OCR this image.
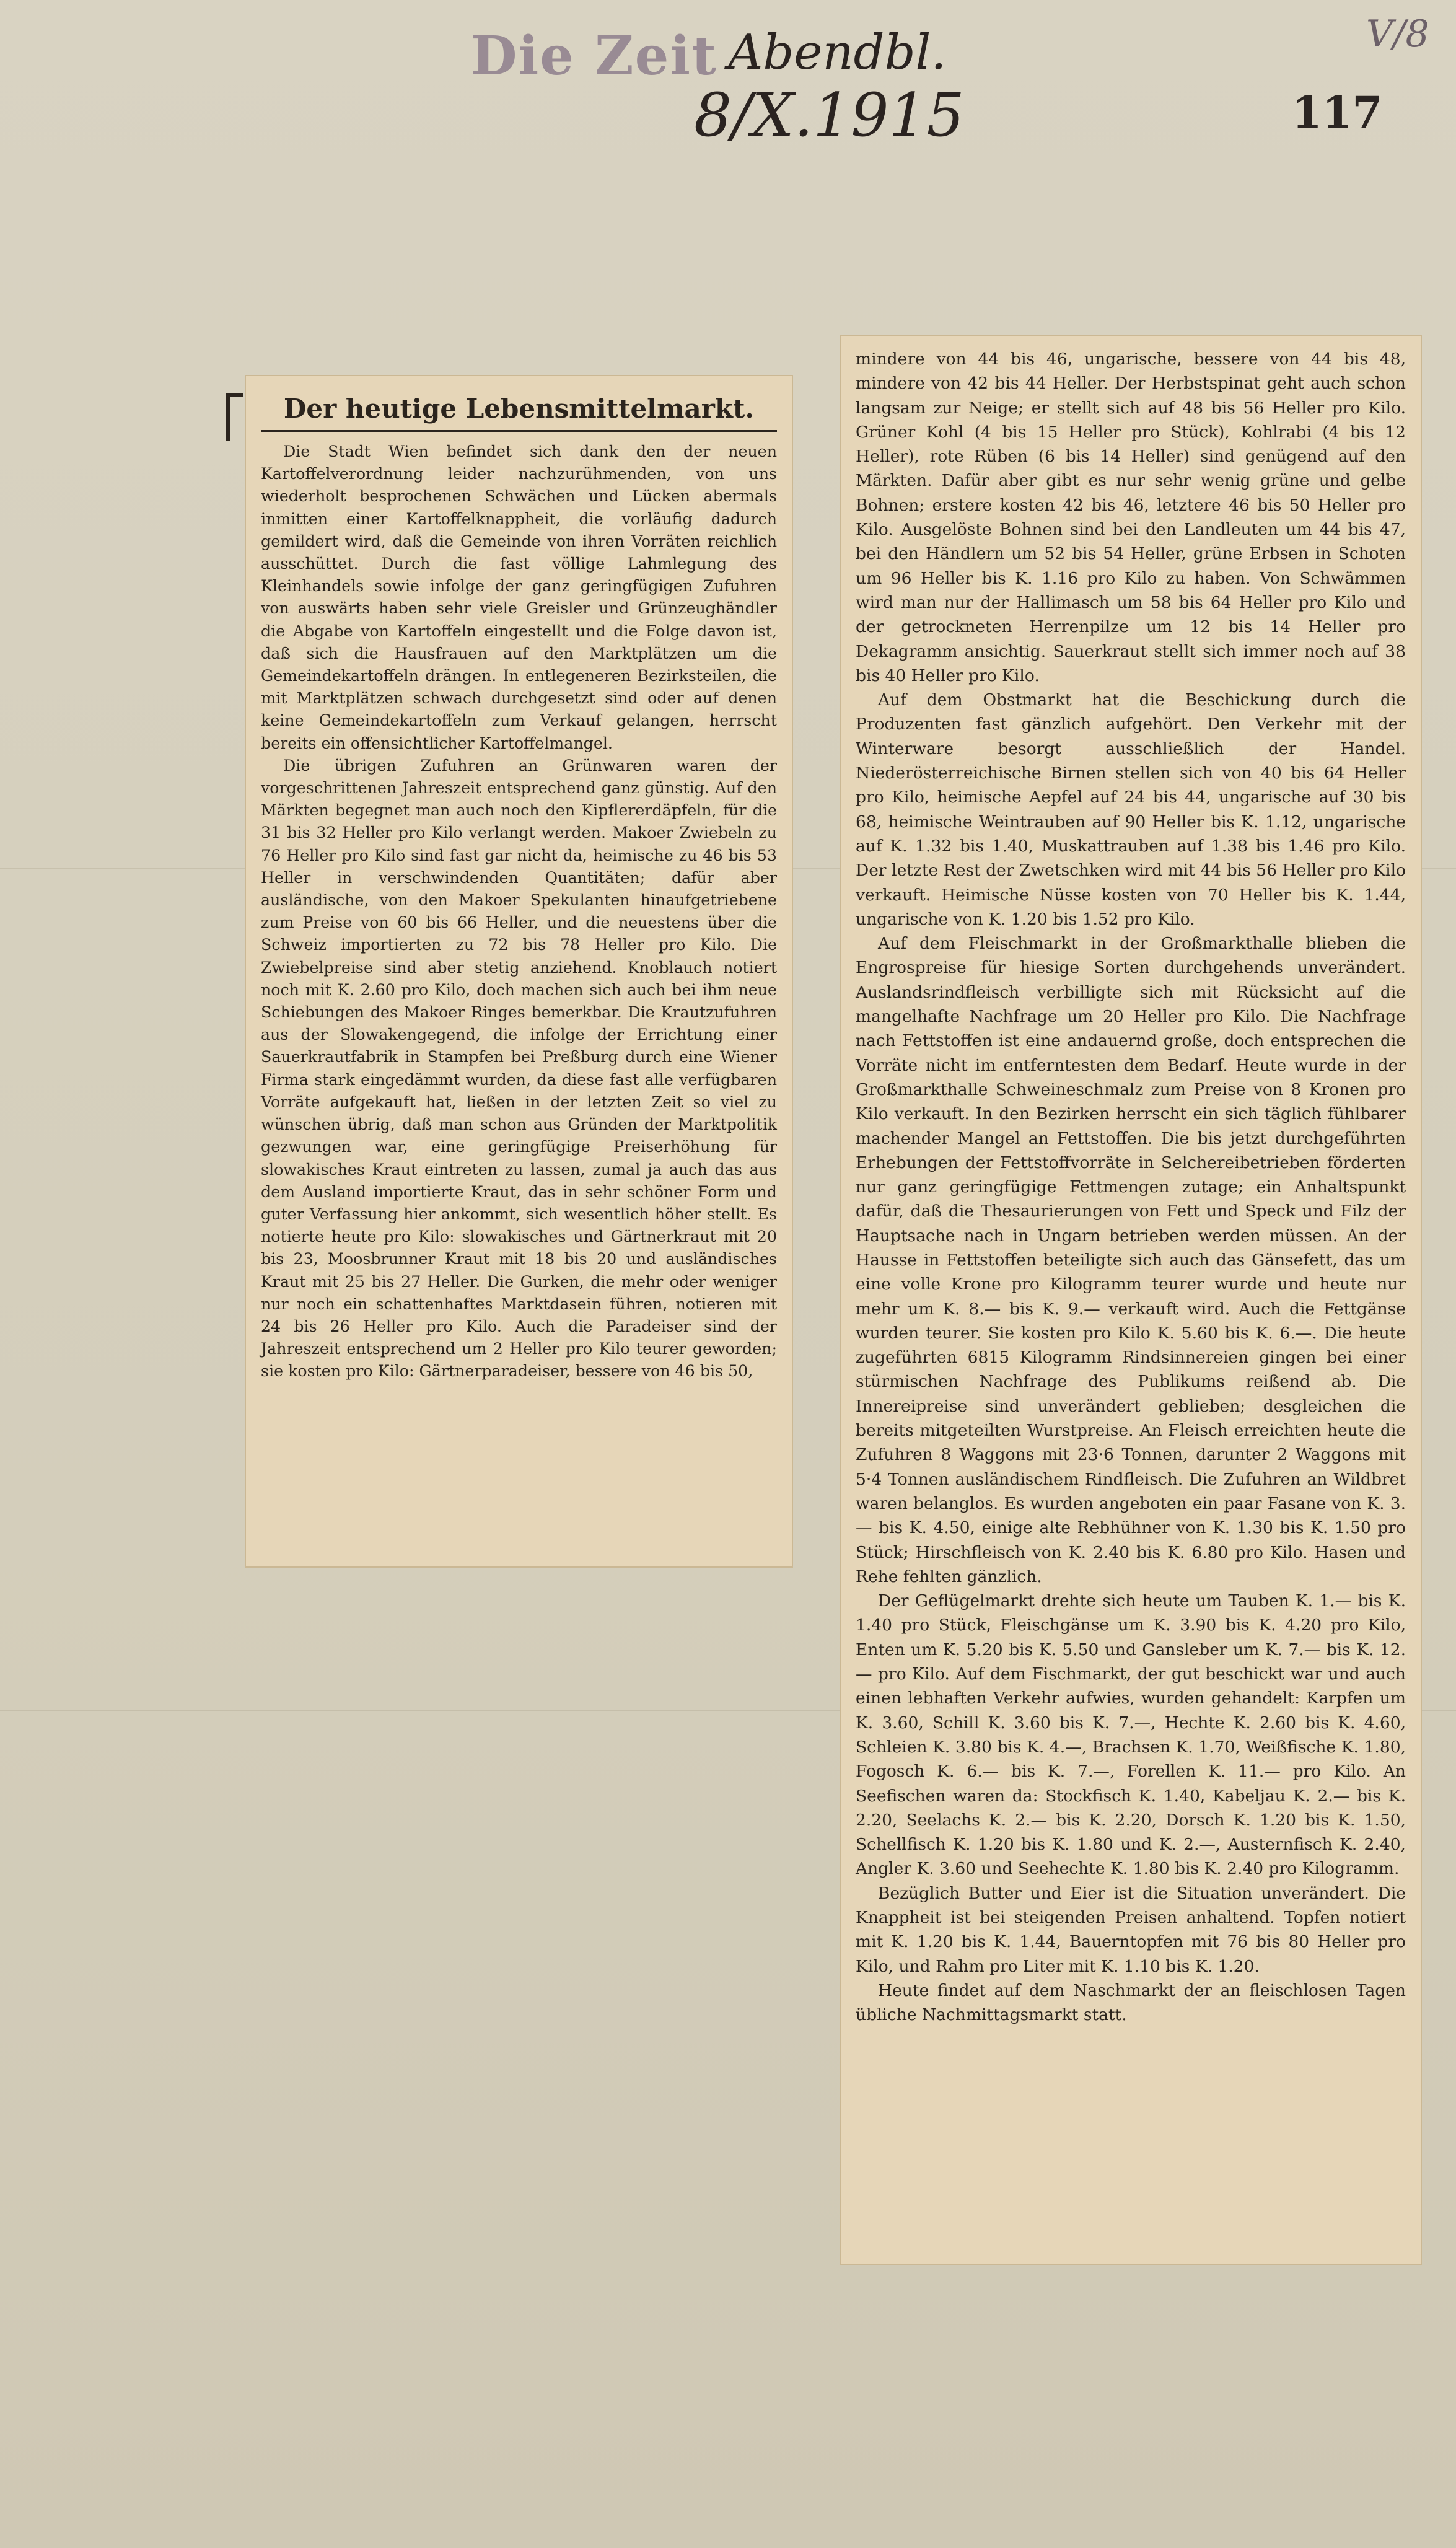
Die Zeit Abendbl.
8/X.1915
V/8
117
Der heutige Lebensmittelmarkt.

Die Stadt Wien befindet sich dank den der neuen Kartoffelverordnung leider nachzurühmenden, von uns wiederholt besprochenen Schwächen und Lücken abermals inmitten einer Kartoffelknappheit, die vorläufig dadurch gemildert wird, daß die Gemeinde von ihren Vorräten reichlich ausschüttet. Durch die fast völlige Lahmlegung des Kleinhandels sowie infolge der ganz geringfügigen Zufuhren von auswärts haben sehr viele Greisler und Grünzeughändler die Abgabe von Kartoffeln eingestellt und die Folge davon ist, daß sich die Hausfrauen auf den Marktplätzen um die Gemeindekartoffeln drängen. In entlegeneren Bezirksteilen, die mit Marktplätzen schwach durchgesetzt sind oder auf denen keine Gemeindekartoffeln zum Verkauf gelangen, herrscht bereits ein offensichtlicher Kartoffelmangel.

Die übrigen Zufuhren an Grünwaren waren der vorgeschrittenen Jahreszeit entsprechend ganz günstig. Auf den Märkten begegnet man auch noch den Kipflererdäpfeln, für die 31 bis 32 Heller pro Kilo verlangt werden. Makoer Zwiebeln zu 76 Heller pro Kilo sind fast gar nicht da, heimische zu 46 bis 53 Heller in verschwindenden Quantitäten; dafür aber ausländische, von den Makoer Spekulanten hinaufgetriebene zum Preise von 60 bis 66 Heller, und die neuestens über die Schweiz importierten zu 72 bis 78 Heller pro Kilo. Die Zwiebelpreise sind aber stetig anziehend. Knoblauch notiert noch mit K. 2.60 pro Kilo, doch machen sich auch bei ihm neue Schiebungen des Makoer Ringes bemerkbar. Die Krautzufuhren aus der Slowakengegend, die infolge der Errichtung einer Sauerkrautfabrik in Stampfen bei Preßburg durch eine Wiener Firma stark eingedämmt wurden, da diese fast alle verfügbaren Vorräte aufgekauft hat, ließen in der letzten Zeit so viel zu wünschen übrig, daß man schon aus Gründen der Marktpolitik gezwungen war, eine geringfügige Preiserhöhung für slowakisches Kraut eintreten zu lassen, zumal ja auch das aus dem Ausland importierte Kraut, das in sehr schöner Form und guter Verfassung hier ankommt, sich wesentlich höher stellt. Es notierte heute pro Kilo: slowakisches und Gärtnerkraut mit 20 bis 23, Moosbrunner Kraut mit 18 bis 20 und ausländisches Kraut mit 25 bis 27 Heller. Die Gurken, die mehr oder weniger nur noch ein schattenhaftes Marktdasein führen, notieren mit 24 bis 26 Heller pro Kilo. Auch die Paradeiser sind der Jahreszeit entsprechend um 2 Heller pro Kilo teurer geworden; sie kosten pro Kilo: Gärtnerparadeiser, bessere von 46 bis 50,

mindere von 44 bis 46, ungarische, bessere von 44 bis 48, mindere von 42 bis 44 Heller. Der Herbstspinat geht auch schon langsam zur Neige; er stellt sich auf 48 bis 56 Heller pro Kilo. Grüner Kohl (4 bis 15 Heller pro Stück), Kohlrabi (4 bis 12 Heller), rote Rüben (6 bis 14 Heller) sind genügend auf den Märkten. Dafür aber gibt es nur sehr wenig grüne und gelbe Bohnen; erstere kosten 42 bis 46, letztere 46 bis 50 Heller pro Kilo. Ausgelöste Bohnen sind bei den Landleuten um 44 bis 47, bei den Händlern um 52 bis 54 Heller, grüne Erbsen in Schoten um 96 Heller bis K. 1.16 pro Kilo zu haben. Von Schwämmen wird man nur der Hallimasch um 58 bis 64 Heller pro Kilo und der getrockneten Herrenpilze um 12 bis 14 Heller pro Dekagramm ansichtig. Sauerkraut stellt sich immer noch auf 38 bis 40 Heller pro Kilo.

Auf dem Obstmarkt hat die Beschickung durch die Produzenten fast gänzlich aufgehört. Den Verkehr mit der Winterware besorgt ausschließlich der Handel. Niederösterreichische Birnen stellen sich von 40 bis 64 Heller pro Kilo, heimische Aepfel auf 24 bis 44, ungarische auf 30 bis 68, heimische Weintrauben auf 90 Heller bis K. 1.12, ungarische auf K. 1.32 bis 1.40, Muskattrauben auf 1.38 bis 1.46 pro Kilo. Der letzte Rest der Zwetschken wird mit 44 bis 56 Heller pro Kilo verkauft. Heimische Nüsse kosten von 70 Heller bis K. 1.44, ungarische von K. 1.20 bis 1.52 pro Kilo.

Auf dem Fleischmarkt in der Großmarkthalle blieben die Engrospreise für hiesige Sorten durchgehends unverändert. Auslandsrindfleisch verbilligte sich mit Rücksicht auf die mangelhafte Nachfrage um 20 Heller pro Kilo. Die Nachfrage nach Fettstoffen ist eine andauernd große, doch entsprechen die Vorräte nicht im entferntesten dem Bedarf. Heute wurde in der Großmarkthalle Schweineschmalz zum Preise von 8 Kronen pro Kilo verkauft. In den Bezirken herrscht ein sich täglich fühlbarer machender Mangel an Fettstoffen. Die bis jetzt durchgeführten Erhebungen der Fettstoffvorräte in Selchereibetrieben förderten nur ganz geringfügige Fettmengen zutage; ein Anhaltspunkt dafür, daß die Thesaurierungen von Fett und Speck und Filz der Hauptsache nach in Ungarn betrieben werden müssen. An der Hausse in Fettstoffen beteiligte sich auch das Gänsefett, das um eine volle Krone pro Kilogramm teurer wurde und heute nur mehr um K. 8.— bis K. 9.— verkauft wird. Auch die Fettgänse wurden teurer. Sie kosten pro Kilo K. 5.60 bis K. 6.—. Die heute zugeführten 6815 Kilogramm Rindsinnereien gingen bei einer stürmischen Nachfrage des Publikums reißend ab. Die Innereipreise sind unverändert geblieben; desgleichen die bereits mitgeteilten Wurstpreise. An Fleisch erreichten heute die Zufuhren 8 Waggons mit 23·6 Tonnen, darunter 2 Waggons mit 5·4 Tonnen ausländischem Rindfleisch. Die Zufuhren an Wildbret waren belanglos. Es wurden angeboten ein paar Fasane von K. 3.— bis K. 4.50, einige alte Rebhühner von K. 1.30 bis K. 1.50 pro Stück; Hirschfleisch von K. 2.40 bis K. 6.80 pro Kilo. Hasen und Rehe fehlten gänzlich.

Der Geflügelmarkt drehte sich heute um Tauben K. 1.— bis K. 1.40 pro Stück, Fleischgänse um K. 3.90 bis K. 4.20 pro Kilo, Enten um K. 5.20 bis K. 5.50 und Gansleber um K. 7.— bis K. 12.— pro Kilo. Auf dem Fischmarkt, der gut beschickt war und auch einen lebhaften Verkehr aufwies, wurden gehandelt: Karpfen um K. 3.60, Schill K. 3.60 bis K. 7.—, Hechte K. 2.60 bis K. 4.60, Schleien K. 3.80 bis K. 4.—, Brachsen K. 1.70, Weißfische K. 1.80, Fogosch K. 6.— bis K. 7.—, Forellen K. 11.— pro Kilo. An Seefischen waren da: Stockfisch K. 1.40, Kabeljau K. 2.— bis K. 2.20, Seelachs K. 2.— bis K. 2.20, Dorsch K. 1.20 bis K. 1.50, Schellfisch K. 1.20 bis K. 1.80 und K. 2.—, Austernfisch K. 2.40, Angler K. 3.60 und Seehechte K. 1.80 bis K. 2.40 pro Kilogramm.

Bezüglich Butter und Eier ist die Situation unverändert. Die Knappheit ist bei steigenden Preisen anhaltend. Topfen notiert mit K. 1.20 bis K. 1.44, Bauerntopfen mit 76 bis 80 Heller pro Kilo, und Rahm pro Liter mit K. 1.10 bis K. 1.20.

Heute findet auf dem Naschmarkt der an fleischlosen Tagen übliche Nachmittagsmarkt statt.
